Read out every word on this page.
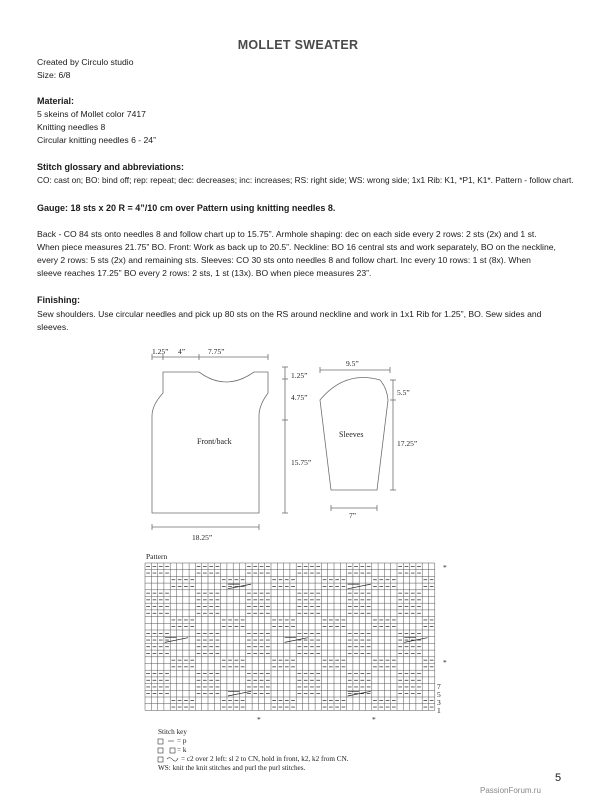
MOLLET SWEATER
Created by Circulo studio
Size: 6/8
Material:
5 skeins of Mollet color 7417
Knitting needles 8
Circular knitting needles 6 - 24”
Stitch glossary and abbreviations:
CO: cast on; BO: bind off; rep: repeat; dec: decreases; inc: increases; RS: right side; WS: wrong side; 1x1 Rib: K1, *P1, K1*. Pattern - follow chart.
Gauge: 18 sts x 20 R = 4”/10 cm over Pattern using knitting needles 8.
Back - CO 84 sts onto needles 8 and follow chart up to 15.75”. Armhole shaping: dec on each side every 2 rows: 2 sts (2x) and 1 st. When piece measures 21.75” BO. Front: Work as back up to 20.5”. Neckline: BO 16 central sts and work separately, BO on the neckline, every 2 rows: 5 sts (2x) and remaining sts. Sleeves: CO 30 sts onto needles 8 and follow chart. Inc every 10 rows: 1 st (8x). When sleeve reaches 17.25” BO every 2 rows: 2 sts, 1 st (13x). BO when piece measures 23”.
Finishing:
Sew shoulders. Use circular needles and pick up 80 sts on the RS around neckline and work in 1x1 Rib for 1.25”, BO. Sew sides and sleeves.
1.25” 4”	7.75”
1.25”
4.75”
15.75”
Front/back
18.25”
9.5”
5.5”
17.25”
Sleeves
7”
Pattern
*
*
*	*
7
5
3
1
Stitch key
= p
= k
= c2 over 2 left: sl 2 to CN, hold in front, k2, k2 from CN.
WS: knit the knit stitches and purl the purl stitches.
5
PassionForum.ru
